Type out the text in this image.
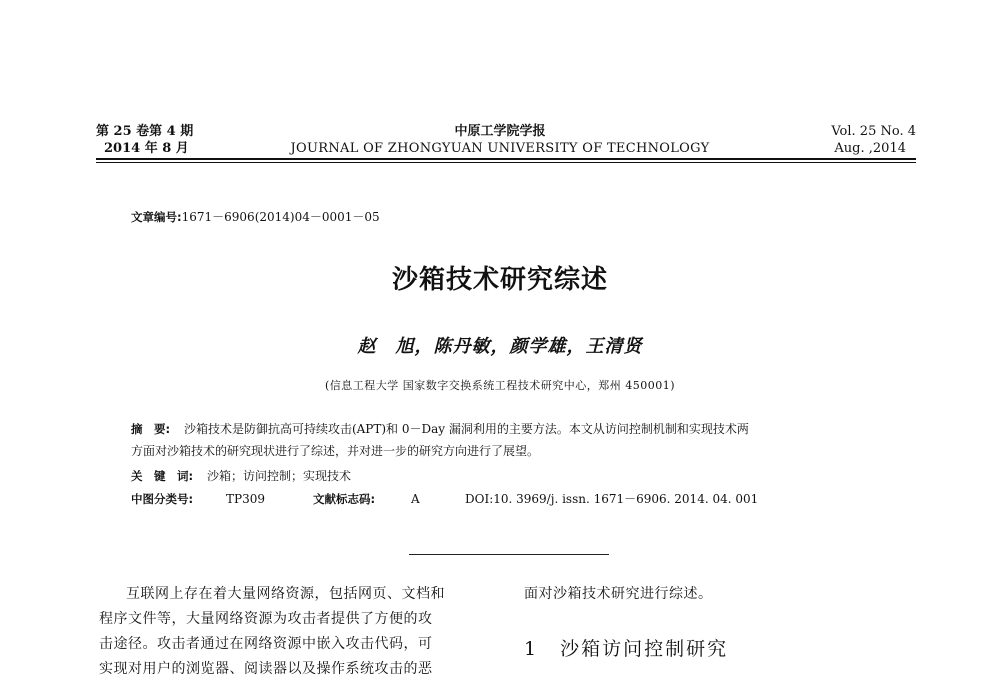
第 25 卷第 4 期
2014 年 8 月
中原工学院学报
JOURNAL OF ZHONGYUAN UNIVERSITY OF TECHNOLOGY
Vol. 25 No. 4
Aug. ,2014
文章编号:1671－6906(2014)04－0001－05
沙箱技术研究综述
赵　旭，陈丹敏，颜学雄，王清贤
(信息工程大学 国家数字交换系统工程技术研究中心，郑州 450001)
摘　要: 沙箱技术是防御抗高可持续攻击(APT)和 0－Day 漏洞利用的主要方法。本文从访问控制机制和实现技术两
方面对沙箱技术的研究现状进行了综述，并对进一步的研究方向进行了展望。
关　键　词: 沙箱；访问控制；实现技术
中图分类号:	TP309	文献标志码:	A	DOI:10. 3969/j. issn. 1671－6906. 2014. 04. 001
互联网上存在着大量网络资源，包括网页、文档和
程序文件等，大量网络资源为攻击者提供了方便的攻
击途径。攻击者通过在网络资源中嵌入攻击代码，可
实现对用户的浏览器、阅读器以及操作系统攻击的恶
面对沙箱技术研究进行综述。
1 沙箱访问控制研究
